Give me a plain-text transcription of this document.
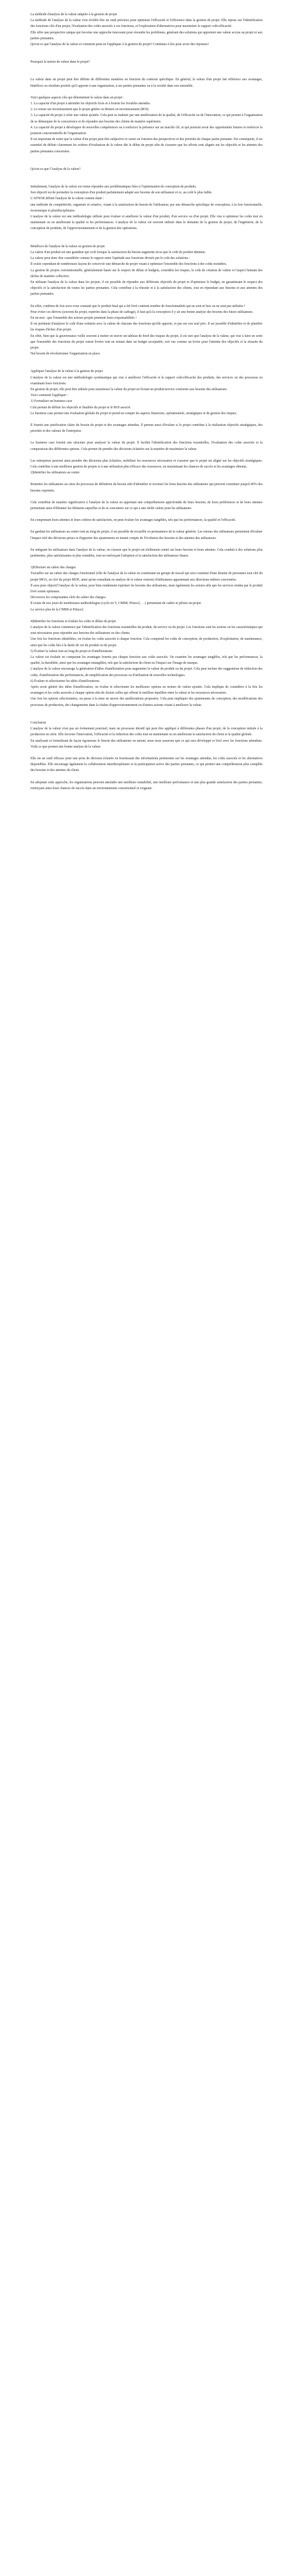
La méthode d'analyse de la valeur adaptée à la gestion de projet

La méthode de l'analyse de la valeur s'est révélée être un outil précieux pour optimiser l'efficacité et l'efficience dans la gestion de projet. Elle repose sur l'identification des fonctions clés d'un projet, l'évaluation des coûts associés à ces fonctions, et l'exploration d'alternatives pour maximiser le rapport coût-efficacité.

Elle offre une perspective unique qui favorise une approche innovante pour résoudre les problèmes, générant des solutions qui apportent une valeur accrue au projet et aux parties prenantes.

Qu'est-ce que l'analyse de la valeur et comment peut-on l'appliquer à la gestion de projet? Continuez à lire pour avoir des réponses!

Pourquoi la notion de valeur dans le projet?

La valeur dans un projet peut être définie de différentes manières en fonction du contexte spécifique. En général, la valeur d'un projet fait référence aux avantages, bénéfices ou résultats positifs qu'il apporte à une organisation, à ses parties prenantes ou à la société dans son ensemble.

Voici quelques aspects clés qui déterminent la valeur dans un projet :

1. La capacité d'un projet à atteindre les objectifs fixés et à fournir les livrables attendus.

2. Le retour sur investissement que le projet génère ou Return on investissement (ROI).

3. La capacité du projet à créer une valeur ajoutée. Cela peut se traduire par une amélioration de la qualité, de l'efficacité ou de l'innovation, ce qui permet à l'organisation de se démarquer de la concurrence et de répondre aux besoins des clients de manière supérieure.

4. La capacité du projet à développer de nouvelles compétences ou à renforcer la présence sur un marché clé, et qui pourrait avoir des opportunités futures et renforcer la position concurrentielle de l'organisation.

Il est important de noter que la valeur d'un projet peut être subjective et varier en fonction des perspectives et des priorités de chaque partie prenante. Par conséquent, il est essentiel de définir clairement les critères d'évaluation de la valeur dès le début du projet afin de s'assurer que les efforts sont alignés sur les objectifs et les attentes des parties prenantes concernées.

Qu'est-ce que l'Analyse de la valeur?

Initialement, l'analyse de la valeur est venue répondre aux problématiques liées à l'optimisation de conception de produits.

Son objectif est de permettre la conception d'un produit parfaitement adapté aux besoins de son utilisateur et ce, au coût le plus faible.

L'AFNOR définit l'analyse de la valeur comme étant :

une méthode de compétitivité, organisée et créative, visant à la satisfaction du besoin de l'utilisateur, par une démarche spécifique de conception, à la fois fonctionnelle, économique et pluridisciplinaire.

L'analyse de la valeur est une méthodologie utilisée pour évaluer et améliorer la valeur d'un produit, d'un service ou d'un projet. Elle vise à optimiser les coûts tout en maintenant ou en améliorant la qualité et les performances. L'analyse de la valeur est souvent utilisée dans le domaine de la gestion de projet, de l'ingénierie, de la conception de produits, de l'approvisionnement et de la gestion des opérations.

Bénéfices de l'analyse de la valeur en gestion de projet

La valeur d'un produit est une grandeur qui croît lorsque la satisfaction du besoin augmente et/ou que le coût du produit diminue.

La valeur peut donc être considérée comme le rapport entre l'aptitude aux fonctions divisée par le coût des solutions :

Il existe cependant de nombreuses façons de concevoir une démarche de projet visant à optimiser l'ensemble des fonctions à des coûts moindres.

La gestion de projets conventionnelle, généralement basée sur le respect de délais et budgets, considère les risques, le coût de création de valeur et l'aspect humain des tâches de manière collective.

En utilisant l'analyse de la valeur dans les projets, il est possible de répondre aux différents objectifs du projet et d'optimiser le budget, en garantissant le respect des objectifs et la satisfaction de toutes les parties prenantes. Cela contribue à la réussite et à la satisfaction des clients, tout en répondant aux besoins et aux attentes des parties prenantes.

En effet, combien de fois avez-vous constaté que le produit final qui a été livré contient nombre de fonctionnalités qui ne sont ni lues ou ne sont pas utilisées !

Pour éviter ces dérives (souvent du projet, repérées dans la phase de cadrage), il faut qu'à la conception il y ait une bonne analyse des besoins des futurs utilisateurs.

En un mot : que l'ensemble des acteurs projets prennent leurs responsabilités !

Il est pertinent d'analyser le coût d'une solution avec la valeur de chacune des fonctions qu'elle apporte, et pas sur son seul prix. Il est possible d'identifier et de planifier les risques d'échec d'un projet.

En effet, bien que la gouvernance veille souvent à mettre en œuvre un tableau de bord des risques du projet, il est rare que l'analyse de la valeur, qui vise à faire en sorte que l'ensemble des fonctions du projet soient livrées tout en restant dans un budget acceptable, soit vue comme un levier pour l'atteinte des objectifs et la réussite du projet.

Nul besoin de révolutionner l'organisation en place.

Appliquer l'analyse de la valeur à la gestion de projet

L'analyse de la valeur est une méthodologie systématique qui vise à améliorer l'efficacité et le rapport coût-efficacité des produits, des services ou des processus en examinant leurs fonctions.

En gestion de projet, elle peut être utilisée pour maximiser la valeur du projet en livrant un produit/service conforme aux besoins des utilisateurs.

Voici comment l'appliquer :

1) Formaliser un business case

Cela permet de définir les objectifs et finalités du projet et le ROI associé.

Le business case permet une évaluation globale du projet et prend en compte les aspects financiers, opérationnels, stratégiques et de gestion des risques.

Il fournit une justification claire du besoin du projet et des avantages attendus. Il permet aussi d'évaluer si le projet contribue à la réalisation objectifs stratégiques, des priorités et des valeurs de l'entreprise.

Le business case fournit une structure pour analyser la valeur du projet. Il facilite l'identification des fonctions essentielles, l'évaluation des coûts associés et la comparaison des différentes options. Cela permet de prendre des décisions éclairées sur la manière de maximiser la valeur.

Les entreprises peuvent ainsi prendre des décisions plus éclairées, mobiliser les ressources nécessaires et s'assurer que le projet est aligné sur les objectifs stratégiques. Cela contribue à une meilleure gestion de projets et à une utilisation plus efficace des ressources, en maximisant les chances de succès et les avantages obtenus.

2)Identifier les utilisateurs au centre

Remettre les utilisateurs au cœur du processus de définition du besoin afin d'identifier et recenser les bons besoins des utilisateurs qui peuvent constituer jusqu'à 80% des besoins exprimés.

Cela contribue de manière significative à l'analyse de la valeur en apportant une compréhension approfondie de leurs besoins, de leurs préférences et de leurs attentes permettant ainsi d'éliminer les éléments superflus et de se concentrer sur ce qui a une réelle valeur pour les utilisateurs.

En comprenant leurs attentes et leurs critères de satisfaction, on peut évaluer les avantages tangibles, tels que les performances, la qualité et l'efficacité.

En gardant les utilisateurs au centre tout au long du projet, il est possible de recueillir en permanence de la valeur générée. Les retours des utilisateurs permettent d'évaluer l'impact réel des décisions prises et d'apporter des ajustements en tenant compte de l'évolution des besoins et des attentes des utilisateurs.

En intégrant les utilisateurs dans l'analyse de la valeur, on s'assure que le projet est réellement centré sur leurs besoins et leurs attentes. Cela conduit à des solutions plus pertinentes, plus satisfaisantes et plus rentables, tout en renforçant l'adoption et la satisfaction des utilisateurs finaux.

3)Effectuer un cahier des charges

Travailler sur un cahier des charges fonctionnel (rôle de l'analyse de la valeur en constituant un groupe de travail qui sera constitué d'une dizaine de personnes tout clef du projet MOA, en clef du projet MOE, ainsi qu'un consultant en analyse de la valeur externe) d'utilisateurs appartenant aux directions métiers concernées.

Il aura pour objectif l'analyse de la valeur, pour bien rendement exprimer les besoins des utilisateurs, mais également les acteurs afin que les services rendus par le produit livré soient optimaux.

Découvrez les composantes clefs du cahier des charges.

Il existe de nos jours de nombreuses méthodologies (cycle en V, CMMI, Prince2, …) permettant de cadrer et piloter un projet.

Le service plus de la CMMI et Prince2.

4)Identifier les fonctions et évaluer les coûts et délais du projet

L'analyse de la valeur commence par l'identification des fonctions essentielles du produit, du service ou du projet. Les fonctions sont les actions ou les caractéristiques qui sont nécessaires pour répondre aux besoins des utilisateurs ou des clients.

Une fois les fonctions identifiées, on évalue les coûts associés à chaque fonction. Cela comprend les coûts de conception, de production, d'exploitation, de maintenance, ainsi que les coûts liés à la durée de vie du produit ou du projet.

5) Évaluer la valeur tout au long du projet et d'améliorations

La valeur est évaluée en comparant les avantages fournis par chaque fonction aux coûts associés. On examine les avantages tangibles, tels que les performances, la qualité, la durabilité, ainsi que les avantages intangibles, tels que la satisfaction du client ou l'impact sur l'image de marque.

L'analyse de la valeur encourage la génération d'idées d'amélioration pour augmenter la valeur du produit ou du projet. Cela peut inclure des suggestions de réduction des coûts, d'amélioration des performances, de simplification des processus ou d'utilisation de nouvelles technologies.

6) Évaluer et sélectionner les idées d'améliorations

Après avoir généré des idées d'amélioration, on évalue et sélectionne les meilleures options en termes de valeur ajoutée. Cela implique de considérer à la fois les avantages et les coûts associés à chaque option afin de choisir celles qui offrent le meilleur équilibre entre la valeur et les ressources nécessaires.

Une fois les options sélectionnées, on passe à la mise en œuvre des améliorations proposées. Cela peut impliquer des ajustements de conception, des modifications des processus de production, des changements dans la chaîne d'approvisionnement ou d'autres actions visant à améliorer la valeur.

Conclusion

L'analyse de la valeur n'est pas un événement ponctuel, mais un processus itératif qui peut être appliqué à différentes phases d'un projet, de la conception initiale à la production en série. Elle favorise l'innovation, l'efficacité et la réduction des coûts tout en maintenant ou en améliorant la satisfaction du client et la qualité globale.

En analysant et formalisant de façon rigoureuse le besoin des utilisateurs en amont, nous nous assurons que ce qui sera développé et livré avec les fonctions attendues. Voilà ce que promet une bonne analyse de la valeur.

Elle est un outil efficace pour une prise de décision éclairée en fournissant des informations pertinentes sur les avantages attendus, les coûts associés et les alternatives disponibles. Elle encourage également la collaboration interdisciplinaire et la participation active des parties prenantes, ce qui permet une compréhension plus complète des besoins et des attentes du client.

En adoptant cette approche, les organisations peuvent atteindre une meilleure rentabilité, une meilleure performance et une plus grande satisfaction des parties prenantes, renforçant ainsi leurs chances de succès dans un environnement concurrentiel et exigeant.
